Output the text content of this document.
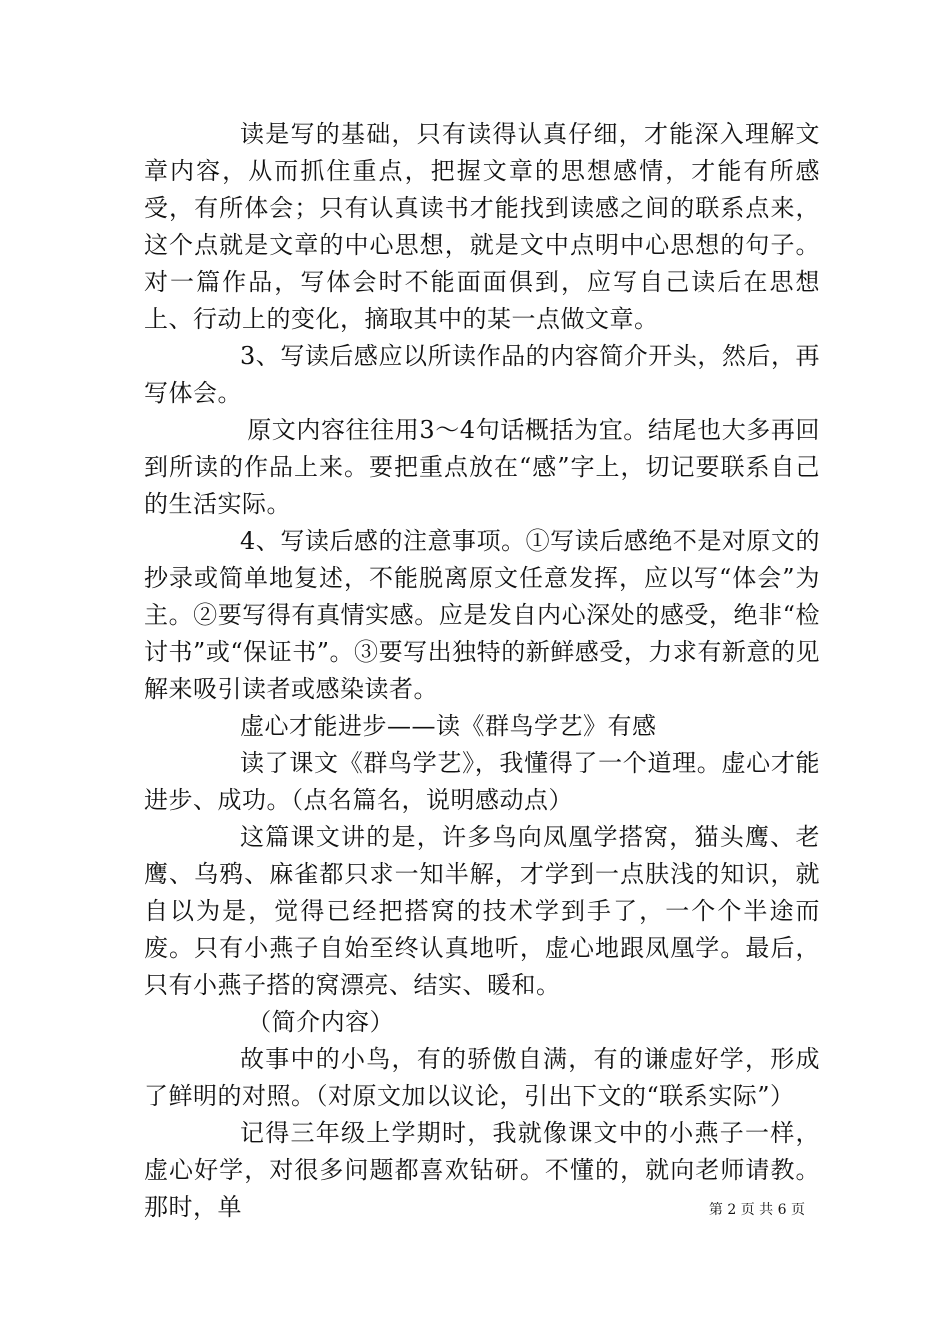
读是写的基础，只有读得认真仔细，才能深入理解文章内容，从而抓住重点，把握文章的思想感情，才能有所感受，有所体会；只有认真读书才能找到读感之间的联系点来，这个点就是文章的中心思想，就是文中点明中心思想的句子。对一篇作品，写体会时不能面面俱到，应写自己读后在思想上、行动上的变化，摘取其中的某一点做文章。

3、写读后感应以所读作品的内容简介开头，然后，再写体会。

原文内容往往用3～4句话概括为宜。结尾也大多再回到所读的作品上来。要把重点放在“感”字上，切记要联系自己的生活实际。

4、写读后感的注意事项。①写读后感绝不是对原文的抄录或简单地复述，不能脱离原文任意发挥，应以写“体会”为主。②要写得有真情实感。应是发自内心深处的感受，绝非“检讨书”或“保证书”。③要写出独特的新鲜感受，力求有新意的见解来吸引读者或感染读者。

虚心才能进步——读《群鸟学艺》有感

读了课文《群鸟学艺》，我懂得了一个道理。虚心才能进步、成功。（点名篇名，说明感动点）

这篇课文讲的是，许多鸟向凤凰学搭窝，猫头鹰、老鹰、乌鸦、麻雀都只求一知半解，才学到一点肤浅的知识，就自以为是，觉得已经把搭窝的技术学到手了，一个个半途而废。只有小燕子自始至终认真地听，虚心地跟凤凰学。最后，只有小燕子搭的窝漂亮、结实、暖和。

（简介内容）

故事中的小鸟，有的骄傲自满，有的谦虚好学，形成了鲜明的对照。（对原文加以议论，引出下文的“联系实际”）

记得三年级上学期时，我就像课文中的小燕子一样，虚心好学，对很多问题都喜欢钻研。不懂的，就向老师请教。那时，单	第 2 页 共 6 页
